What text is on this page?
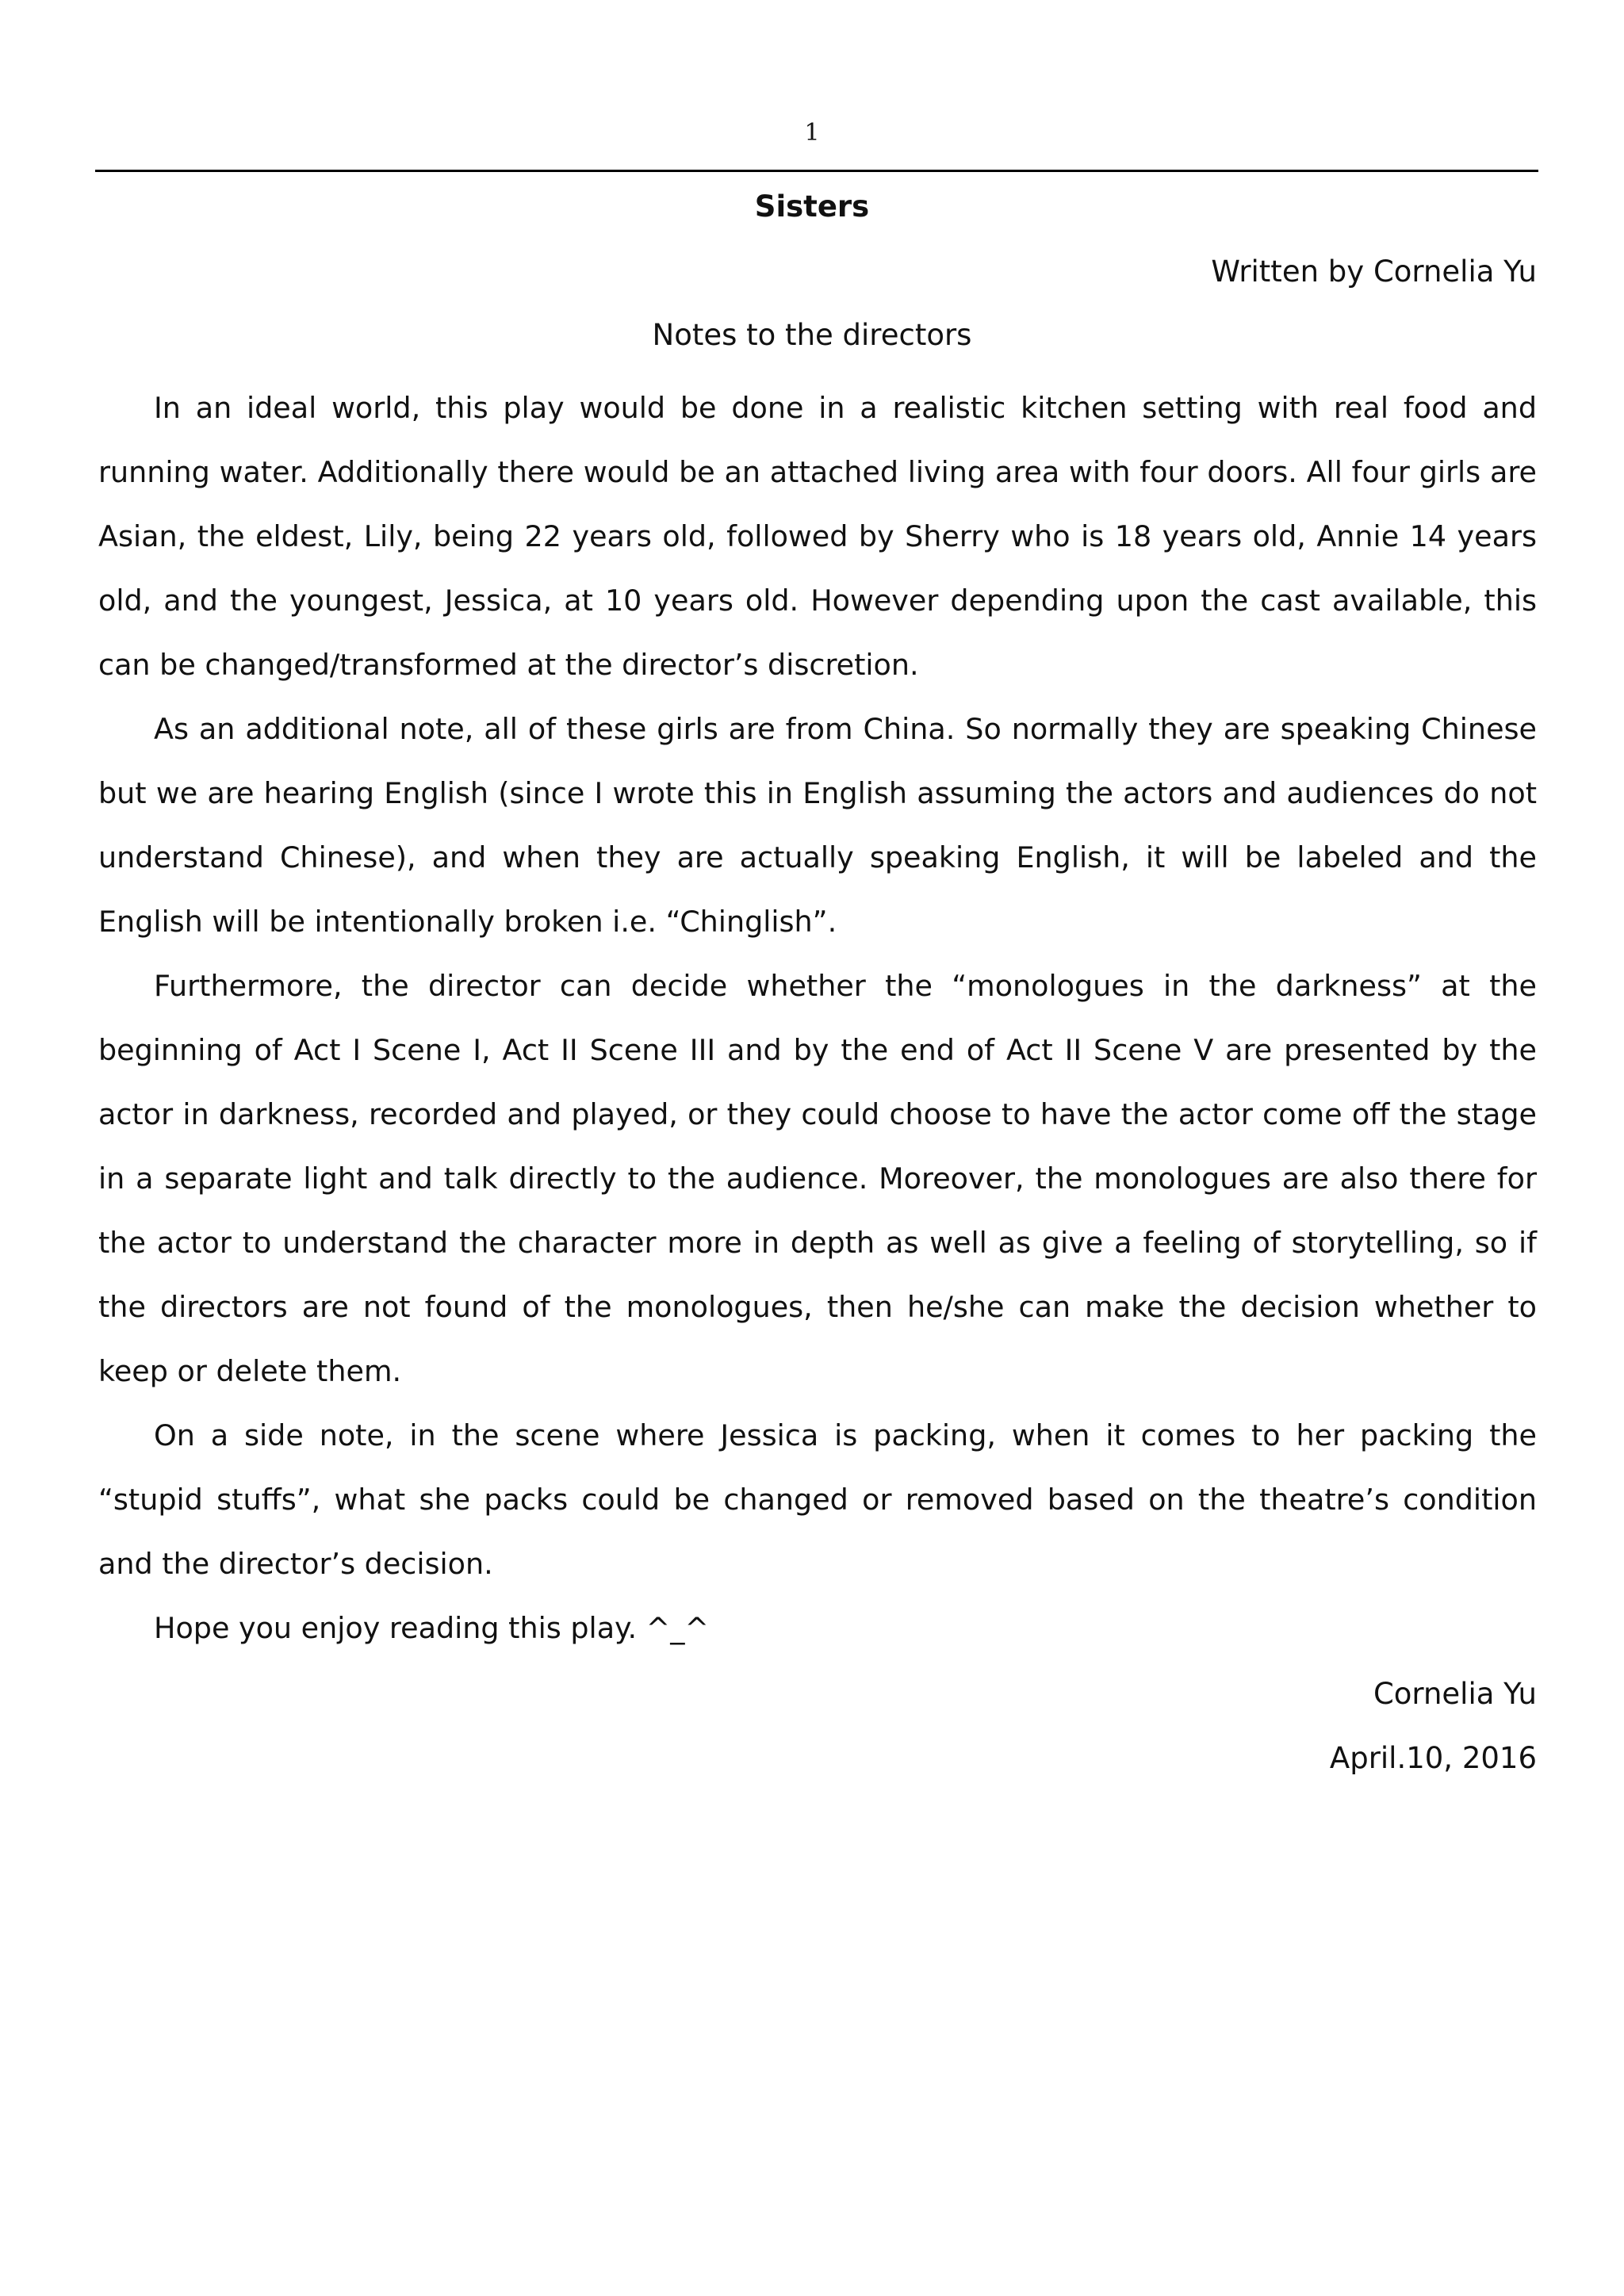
1
Sisters
Written by Cornelia Yu
Notes to the directors

In an ideal world, this play would be done in a realistic kitchen setting with real food and running water. Additionally there would be an attached living area with four doors. All four girls are Asian, the eldest, Lily, being 22 years old, followed by Sherry who is 18 years old, Annie 14 years old, and the youngest, Jessica, at 10 years old. However depending upon the cast available, this can be changed/transformed at the director’s discretion.

As an additional note, all of these girls are from China. So normally they are speaking Chinese but we are hearing English (since I wrote this in English assuming the actors and audiences do not understand Chinese), and when they are actually speaking English, it will be labeled and the English will be intentionally broken i.e. “Chinglish”.

Furthermore, the director can decide whether the “monologues in the darkness” at the beginning of Act I Scene I, Act II Scene III and by the end of Act II Scene V are presented by the actor in darkness, recorded and played, or they could choose to have the actor come off the stage in a separate light and talk directly to the audience. Moreover, the monologues are also there for the actor to understand the character more in depth as well as give a feeling of storytelling, so if the directors are not found of the monologues, then he/she can make the decision whether to keep or delete them.

On a side note, in the scene where Jessica is packing, when it comes to her packing the “stupid stuffs”, what she packs could be changed or removed based on the theatre’s condition and the director’s decision.

Hope you enjoy reading this play. ^_^

Cornelia Yu
April.10, 2016
